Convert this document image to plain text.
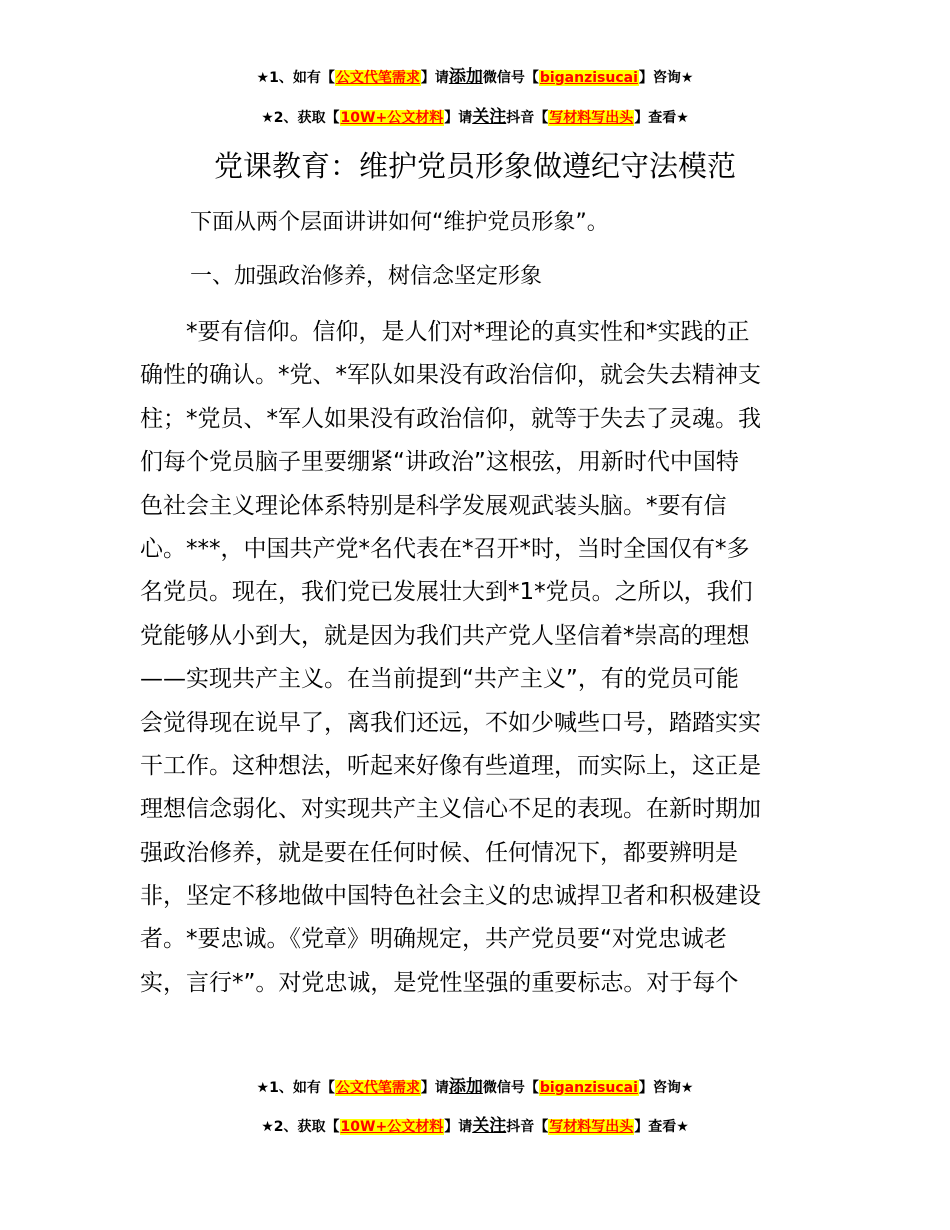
★1、如有【公文代笔需求】请添加微信号【biganzisucai】咨询★
★2、获取【10W+公文材料】请关注抖音【写材料写出头】查看★
党课教育：维护党员形象做遵纪守法模范
下面从两个层面讲讲如何“维护党员形象”。
一、加强政治修养，树信念坚定形象
*要有信仰。信仰，是人们对*理论的真实性和*实践的正
确性的确认。*党、*军队如果没有政治信仰，就会失去精神支
柱；*党员、*军人如果没有政治信仰，就等于失去了灵魂。我
们每个党员脑子里要绷紧“讲政治”这根弦，用新时代中国特
色社会主义理论体系特别是科学发展观武装头脑。*要有信
心。***，中国共产党*名代表在*召开*时，当时全国仅有*多
名党员。现在，我们党已发展壮大到*1*党员。之所以，我们
党能够从小到大，就是因为我们共产党人坚信着*崇高的理想
——实现共产主义。在当前提到“共产主义”，有的党员可能
会觉得现在说早了，离我们还远，不如少喊些口号，踏踏实实
干工作。这种想法，听起来好像有些道理，而实际上，这正是
理想信念弱化、对实现共产主义信心不足的表现。在新时期加
强政治修养，就是要在任何时候、任何情况下，都要辨明是
非，坚定不移地做中国特色社会主义的忠诚捍卫者和积极建设
者。*要忠诚。《党章》明确规定，共产党员要“对党忠诚老
实，言行*”。对党忠诚，是党性坚强的重要标志。对于每个
★1、如有【公文代笔需求】请添加微信号【biganzisucai】咨询★
★2、获取【10W+公文材料】请关注抖音【写材料写出头】查看★
